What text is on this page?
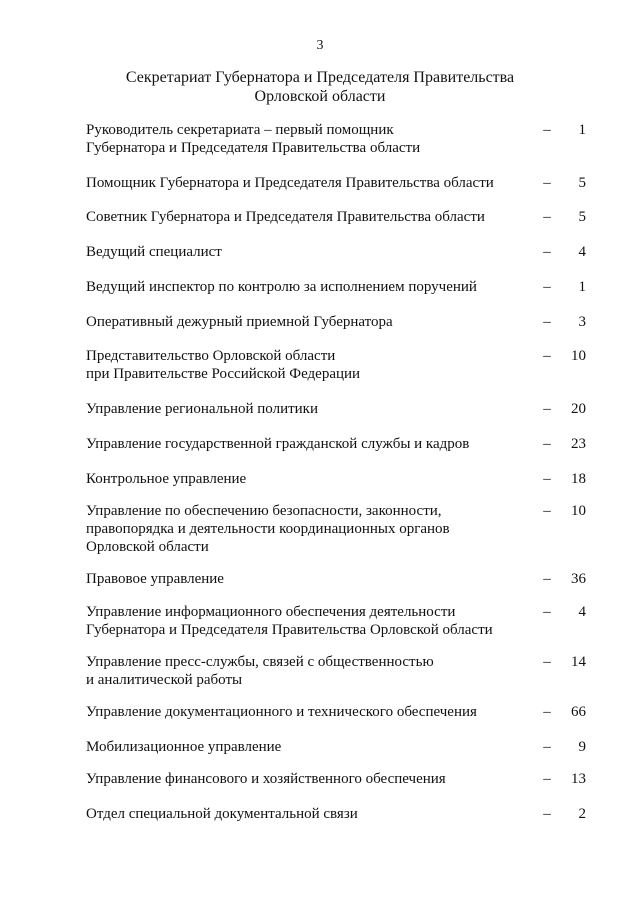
3
Секретариат Губернатора и Председателя Правительства
Орловской области
Руководитель секретариата – первый помощник
Губернатора и Председателя Правительства области
–	1
Помощник Губернатора и Председателя Правительства области	–	5
Советник Губернатора и Председателя Правительства области	–	5
Ведущий специалист	–	4
Ведущий инспектор по контролю за исполнением поручений	–	1
Оперативный дежурный приемной Губернатора	–	3
Представительство Орловской области
при Правительстве Российской Федерации
–	10
Управление региональной политики	–	20
Управление государственной гражданской службы и кадров	–	23
Контрольное управление	–	18
Управление по обеспечению безопасности, законности,
правопорядка и деятельности координационных органов
Орловской области
–	10
Правовое управление	–	36
Управление информационного обеспечения деятельности
Губернатора и Председателя Правительства Орловской области
–	4
Управление пресс-службы, связей с общественностью
и аналитической работы
–	14
Управление документационного и технического обеспечения	–	66
Мобилизационное управление	–	9
Управление финансового и хозяйственного обеспечения	–	13
Отдел специальной документальной связи	–	2
